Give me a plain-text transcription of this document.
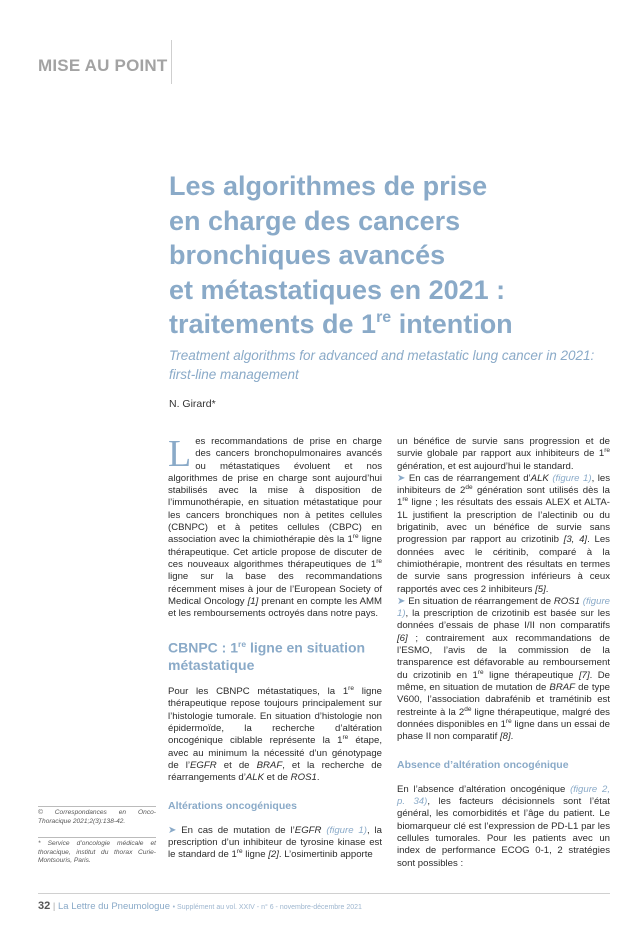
MISE AU POINT
Les algorithmes de prise
en charge des cancers
bronchiques avancés
et métastatiques en 2021 :
traitements de 1re intention
Treatment algorithms for advanced and metastatic lung cancer in 2021: first-line management
N. Girard*

Les recommandations de prise en charge des cancers bronchopulmonaires avancés ou métastatiques évoluent et nos algorithmes de prise en charge sont aujourd’hui stabilisés avec la mise à disposition de l’immunothérapie, en situation métastatique pour les cancers bronchiques non à petites cellules (CBNPC) et à petites cellules (CBPC) en association avec la chimiothérapie dès la 1re ligne thérapeutique. Cet article propose de discuter de ces nouveaux algorithmes thérapeutiques de 1re ligne sur la base des recommandations récemment mises à jour de l’European Society of Medical Oncology [1] prenant en compte les AMM et les remboursements octroyés dans notre pays.

CBNPC : 1re ligne en situation métastatique

Pour les CBNPC métastatiques, la 1re ligne thérapeutique repose toujours principalement sur l’histologie tumorale. En situation d’histologie non épidermoïde, la recherche d’altération oncogénique ciblable représente la 1re étape, avec au minimum la nécessité d’un génotypage de l’EGFR et de BRAF, et la recherche de réarrangements d’ALK et de ROS1.

Altérations oncogéniques

➤ En cas de mutation de l’EGFR (figure 1), la prescription d’un inhibiteur de tyrosine kinase est le standard de 1re ligne [2]. L’osimertinib apporte

un bénéfice de survie sans progression et de survie globale par rapport aux inhibiteurs de 1re génération, et est aujourd’hui le standard.

➤ En cas de réarrangement d’ALK (figure 1), les inhibiteurs de 2de génération sont utilisés dès la 1re ligne ; les résultats des essais ALEX et ALTA-1L justifient la prescription de l’alectinib ou du brigatinib, avec un bénéfice de survie sans progression par rapport au crizotinib [3, 4]. Les données avec le céritinib, comparé à la chimiothérapie, montrent des résultats en termes de survie sans progression inférieurs à ceux rapportés avec ces 2 inhibiteurs [5].

➤ En situation de réarrangement de ROS1 (figure 1), la prescription de crizotinib est basée sur les données d’essais de phase I/II non comparatifs [6] ; contrairement aux recommandations de l’ESMO, l’avis de la commission de la transparence est défavorable au remboursement du crizotinib en 1re ligne thérapeutique [7]. De même, en situation de mutation de BRAF de type V600, l’association dabrafénib et tramétinib est restreinte à la 2de ligne thérapeutique, malgré des données disponibles en 1re ligne dans un essai de phase II non comparatif [8].

Absence d’altération oncogénique

En l’absence d’altération oncogénique (figure 2, p. 34), les facteurs décisionnels sont l’état général, les comorbidités et l’âge du patient. Le biomarqueur clé est l’expression de PD-L1 par les cellules tumorales. Pour les patients avec un index de performance ECOG 0-1, 2 stratégies sont possibles :

© Correspondances en Onco-Thoracique 2021;2(3):138-42.
* Service d’oncologie médicale et thoracique, institut du thorax Curie-Montsouris, Paris.
32 | La Lettre du Pneumologue • Supplément au vol. XXIV - n° 6 - novembre-décembre 2021
